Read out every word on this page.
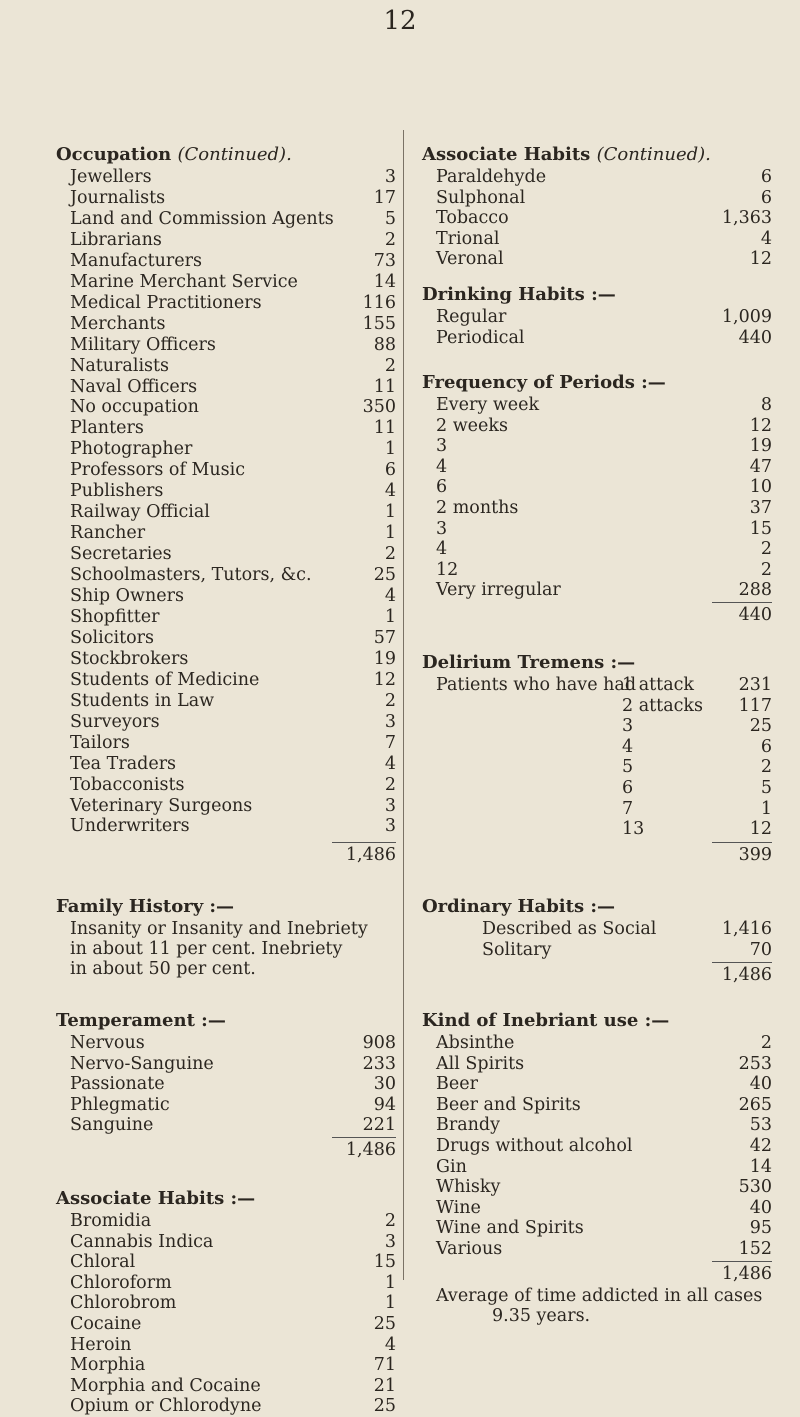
12
Occupation (Continued).
Jewellers	3
Journalists	17
Land and Commission Agents	5
Librarians	2
Manufacturers	73
Marine Merchant Service	14
Medical Practitioners	116
Merchants	155
Military Officers	88
Naturalists	2
Naval Officers	11
No occupation	350
Planters	11
Photographer	1
Professors of Music	6
Publishers	4
Railway Official	1
Rancher	1
Secretaries	2
Schoolmasters, Tutors, &c.	25
Ship Owners	4
Shopfitter	1
Solicitors	57
Stockbrokers	19
Students of Medicine	12
Students in Law	2
Surveyors	3
Tailors	7
Tea Traders	4
Tobacconists	2
Veterinary Surgeons	3
Underwriters	3
1,486
Family History :—
Insanity or Insanity and Inebriety
in about 11 per cent. Inebriety
in about 50 per cent.
Temperament :—
Nervous	908
Nervo-Sanguine	233
Passionate	30
Phlegmatic	94
Sanguine	221
1,486
Associate Habits :—
Bromidia	2
Cannabis Indica	3
Chloral	15
Chloroform	1
Chlorobrom	1
Cocaine	25
Heroin	4
Morphia	71
Morphia and Cocaine	21
Opium or Chlorodyne	25
Associate Habits (Continued).
Paraldehyde	6
Sulphonal	6
Tobacco	1,363
Trional	4
Veronal	12
Drinking Habits :—
Regular	1,009
Periodical	440
Frequency of Periods :—
Every week	8
2 weeks	12
3	19
4	47
6	10
2 months	37
3	15
4	2
12	2
Very irregular	288
440
Delirium Tremens :—
Patients who have had
1 attack	231
2 attacks 117
3	25
4	6
5	2
6	5
7	1
13	12
399
Ordinary Habits :—
Described as Social	1,416
Solitary	70
1,486
Kind of Inebriant use :—
Absinthe	2
All Spirits	253
Beer	40
Beer and Spirits	265
Brandy	53
Drugs without alcohol	42
Gin	14
Whisky	530
Wine	40
Wine and Spirits	95
Various	152
1,486
Average of time addicted in all cases
9.35 years.
